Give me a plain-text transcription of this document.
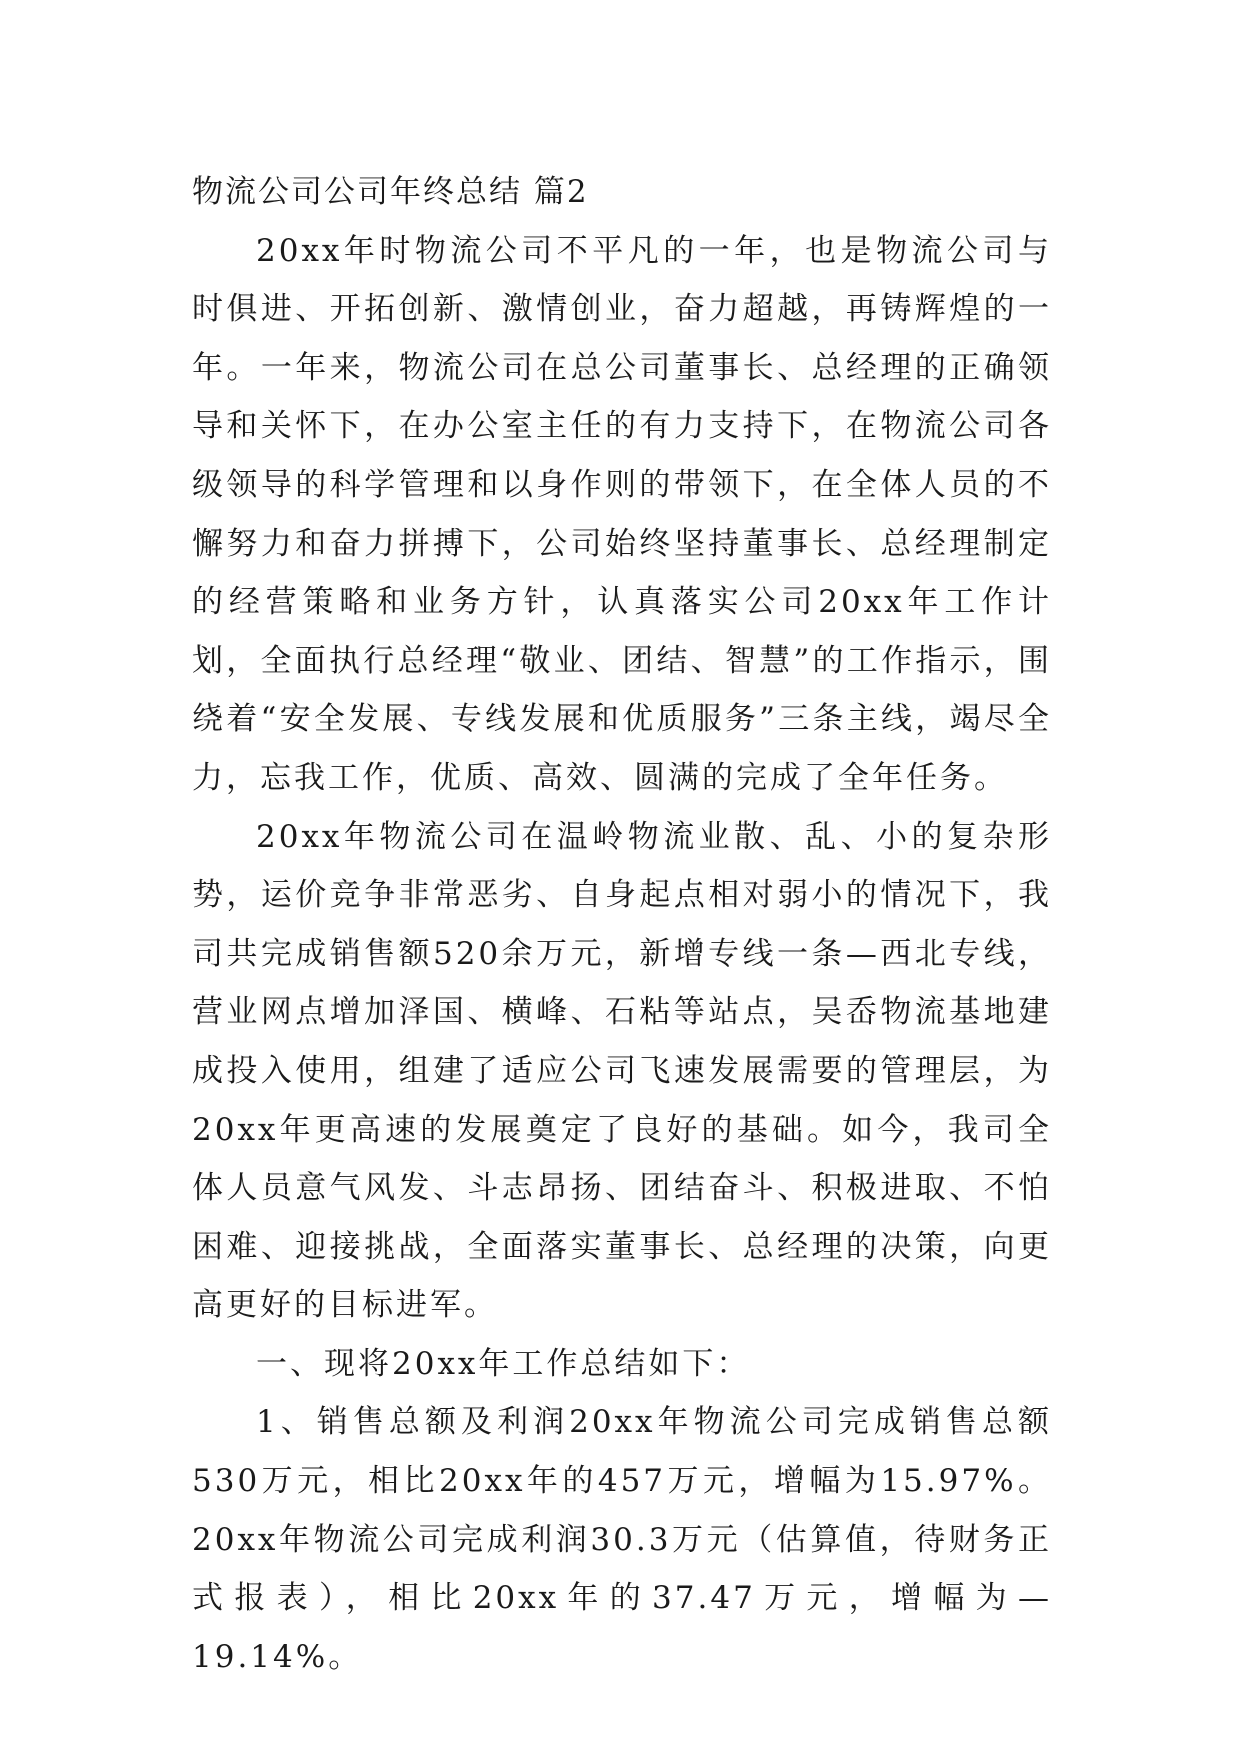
物流公司公司年终总结 篇2

20xx年时物流公司不平凡的一年，也是物流公司与时俱进、开拓创新、激情创业，奋力超越，再铸辉煌的一年。一年来，物流公司在总公司董事长、总经理的正确领导和关怀下，在办公室主任的有力支持下，在物流公司各级领导的科学管理和以身作则的带领下，在全体人员的不懈努力和奋力拼搏下，公司始终坚持董事长、总经理制定的经营策略和业务方针，认真落实公司20xx年工作计划，全面执行总经理“敬业、团结、智慧”的工作指示，围绕着“安全发展、专线发展和优质服务”三条主线，竭尽全力，忘我工作，优质、高效、圆满的完成了全年任务。

20xx年物流公司在温岭物流业散、乱、小的复杂形势，运价竞争非常恶劣、自身起点相对弱小的情况下，我司共完成销售额520余万元，新增专线一条—西北专线，营业网点增加泽国、横峰、石粘等站点，吴岙物流基地建成投入使用，组建了适应公司飞速发展需要的管理层，为20xx年更高速的发展奠定了良好的基础。如今，我司全体人员意气风发、斗志昂扬、团结奋斗、积极进取、不怕困难、迎接挑战，全面落实董事长、总经理的决策，向更高更好的目标进军。

一、现将20xx年工作总结如下：

1、销售总额及利润20xx年物流公司完成销售总额530万元，相比20xx年的457万元，增幅为15.97%。20xx年物流公司完成利润30.3万元（估算值，待财务正式报表），相比20xx年的37.47万元，增幅为—19.14%。
